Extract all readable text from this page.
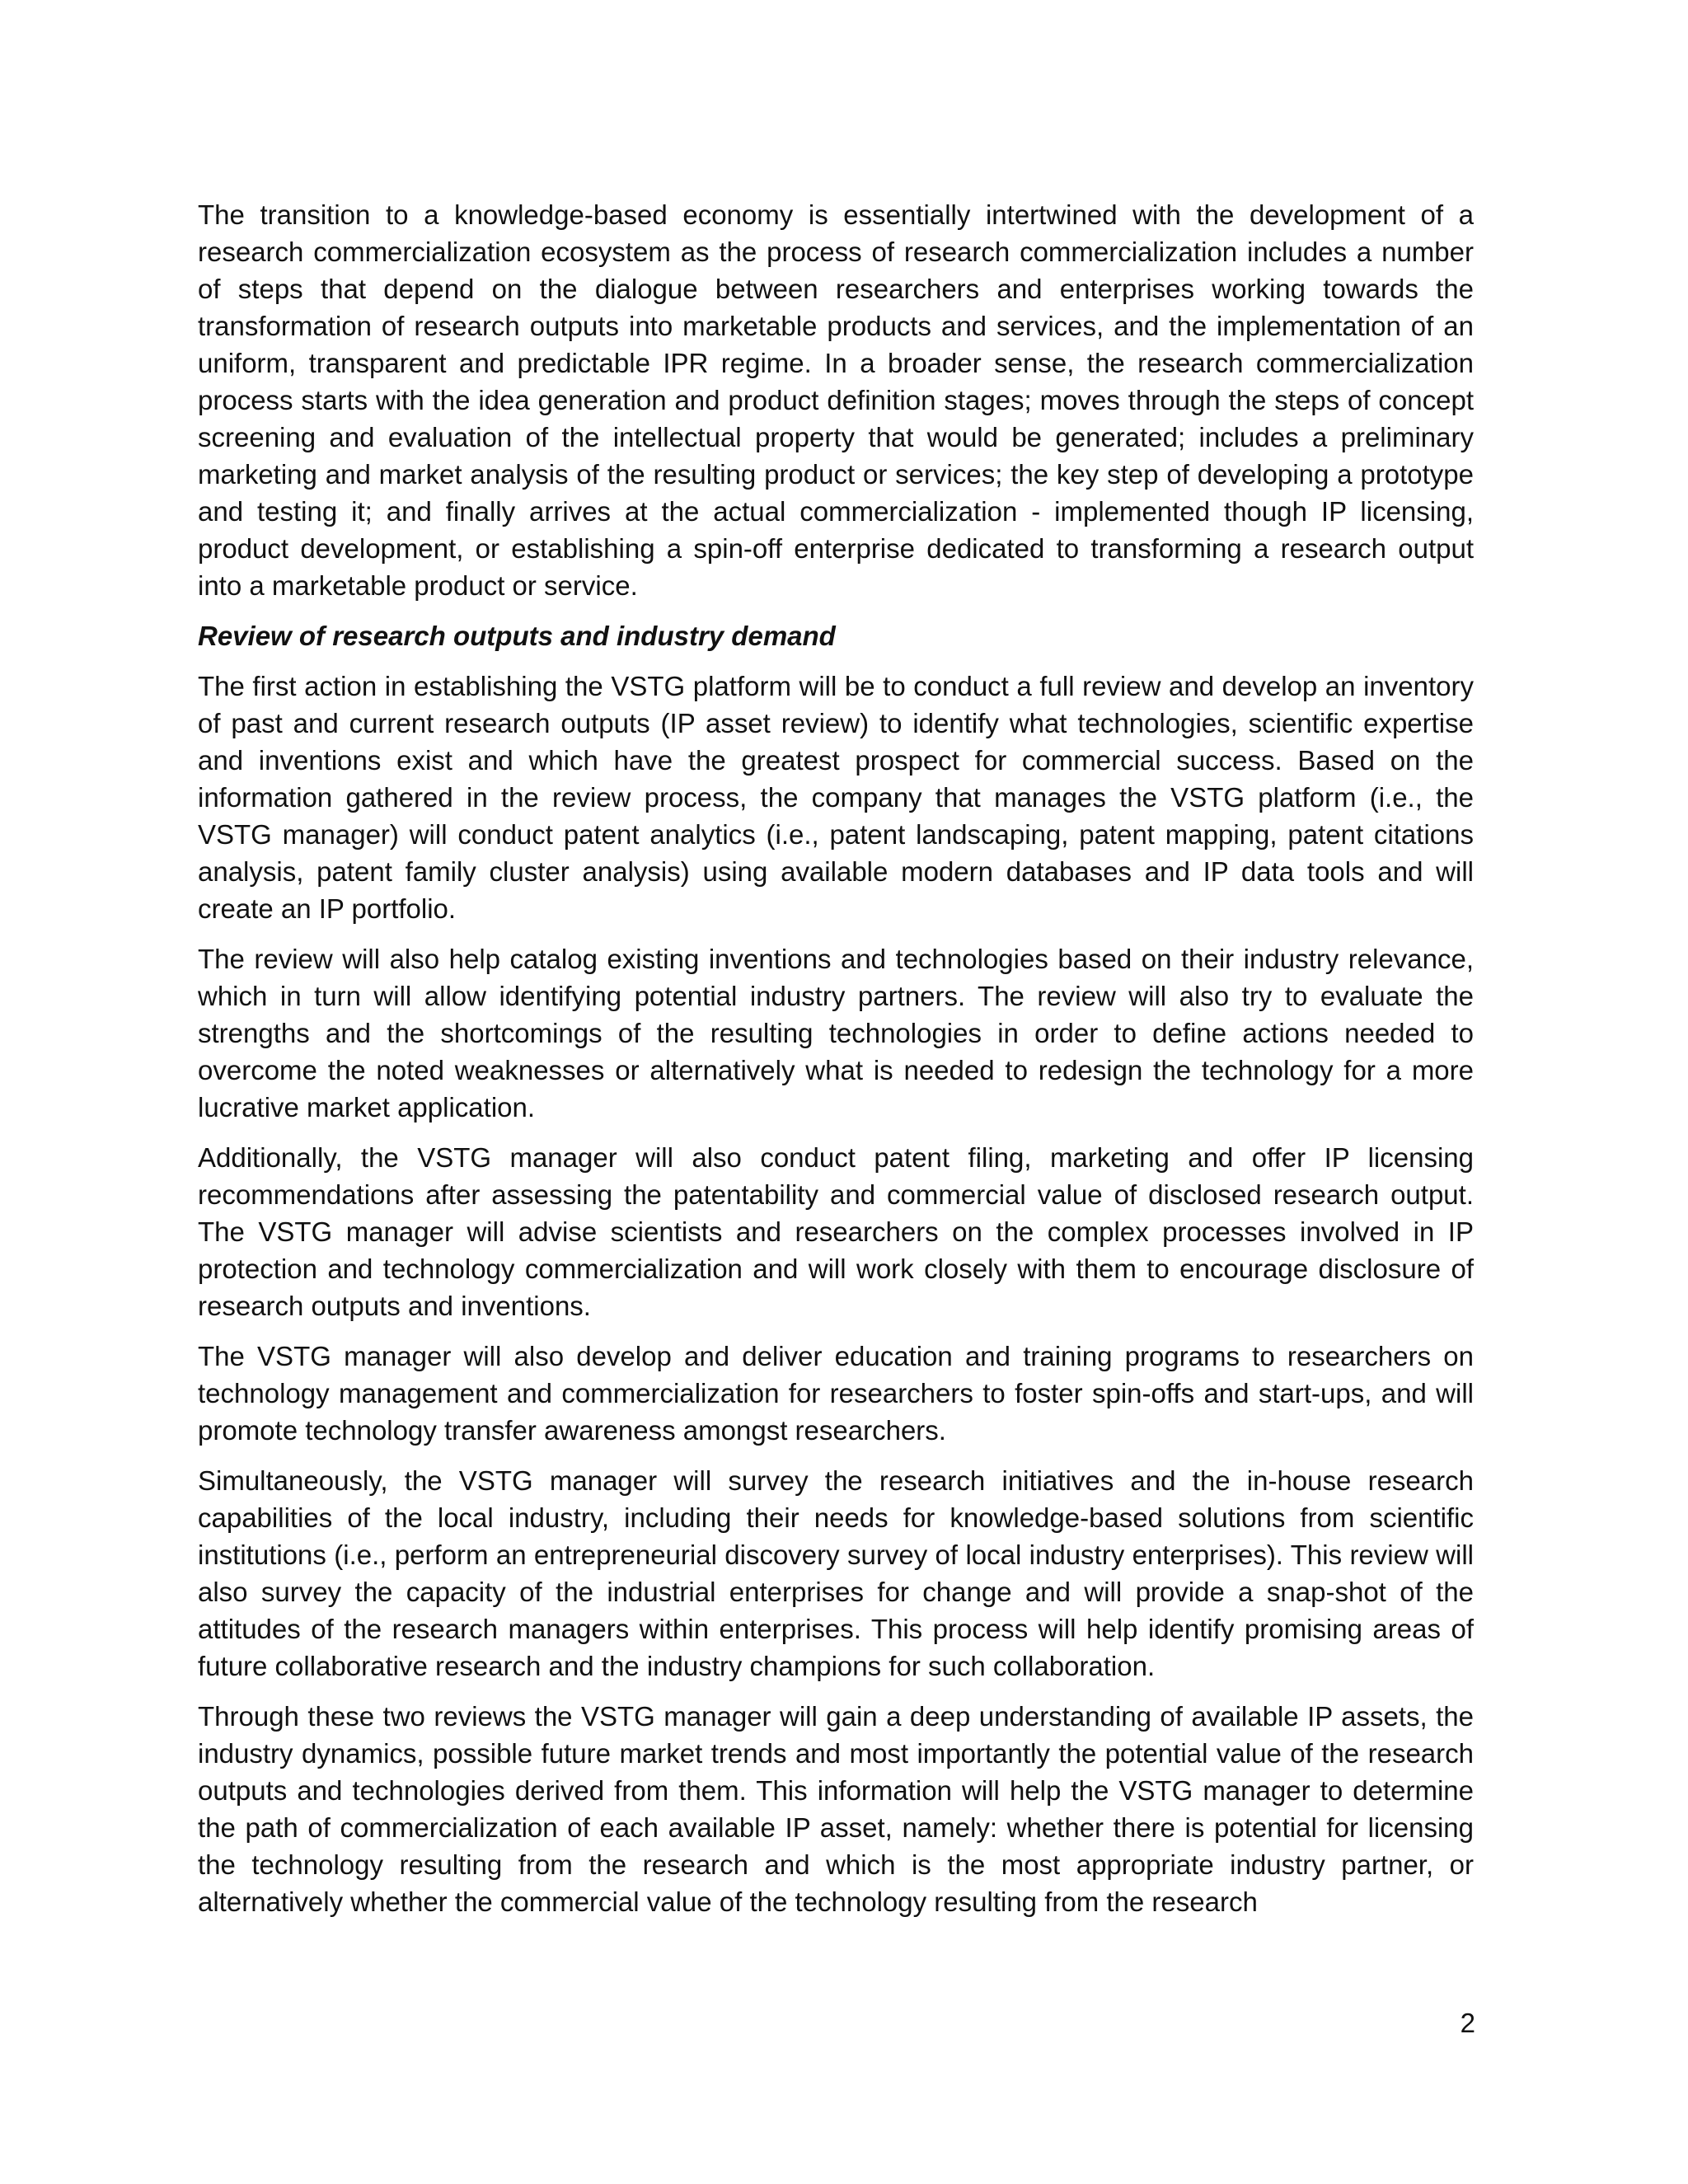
The transition to a knowledge-based economy is essentially intertwined with the development of a research commercialization ecosystem as the process of research commercialization includes a number of steps that depend on the dialogue between researchers and enterprises working towards the transformation of research outputs into marketable products and services, and the implementation of an uniform, transparent and predictable IPR regime. In a broader sense, the research commercialization process starts with the idea generation and product definition stages; moves through the steps of concept screening and evaluation of the intellectual property that would be generated; includes a preliminary marketing and market analysis of the resulting product or services; the key step of developing a prototype and testing it; and finally arrives at the actual commercialization - implemented though IP licensing, product development, or establishing a spin-off enterprise dedicated to transforming a research output into a marketable product or service.

Review of research outputs and industry demand

The first action in establishing the VSTG platform will be to conduct a full review and develop an inventory of past and current research outputs (IP asset review) to identify what technologies, scientific expertise and inventions exist and which have the greatest prospect for commercial success. Based on the information gathered in the review process, the company that manages the VSTG platform (i.e., the VSTG manager) will conduct patent analytics (i.e., patent landscaping, patent mapping, patent citations analysis, patent family cluster analysis) using available modern databases and IP data tools and will create an IP portfolio.

The review will also help catalog existing inventions and technologies based on their industry relevance, which in turn will allow identifying potential industry partners. The review will also try to evaluate the strengths and the shortcomings of the resulting technologies in order to define actions needed to overcome the noted weaknesses or alternatively what is needed to redesign the technology for a more lucrative market application.

Additionally, the VSTG manager will also conduct patent filing, marketing and offer IP licensing recommendations after assessing the patentability and commercial value of disclosed research output. The VSTG manager will advise scientists and researchers on the complex processes involved in IP protection and technology commercialization and will work closely with them to encourage disclosure of research outputs and inventions.

The VSTG manager will also develop and deliver education and training programs to researchers on technology management and commercialization for researchers to foster spin-offs and start-ups, and will promote technology transfer awareness amongst researchers.

Simultaneously, the VSTG manager will survey the research initiatives and the in-house research capabilities of the local industry, including their needs for knowledge-based solutions from scientific institutions (i.e., perform an entrepreneurial discovery survey of local industry enterprises). This review will also survey the capacity of the industrial enterprises for change and will provide a snap-shot of the attitudes of the research managers within enterprises. This process will help identify promising areas of future collaborative research and the industry champions for such collaboration.

Through these two reviews the VSTG manager will gain a deep understanding of available IP assets, the industry dynamics, possible future market trends and most importantly the potential value of the research outputs and technologies derived from them. This information will help the VSTG manager to determine the path of commercialization of each available IP asset, namely: whether there is potential for licensing the technology resulting from the research and which is the most appropriate industry partner, or alternatively whether the commercial value of the technology resulting from the research

2
